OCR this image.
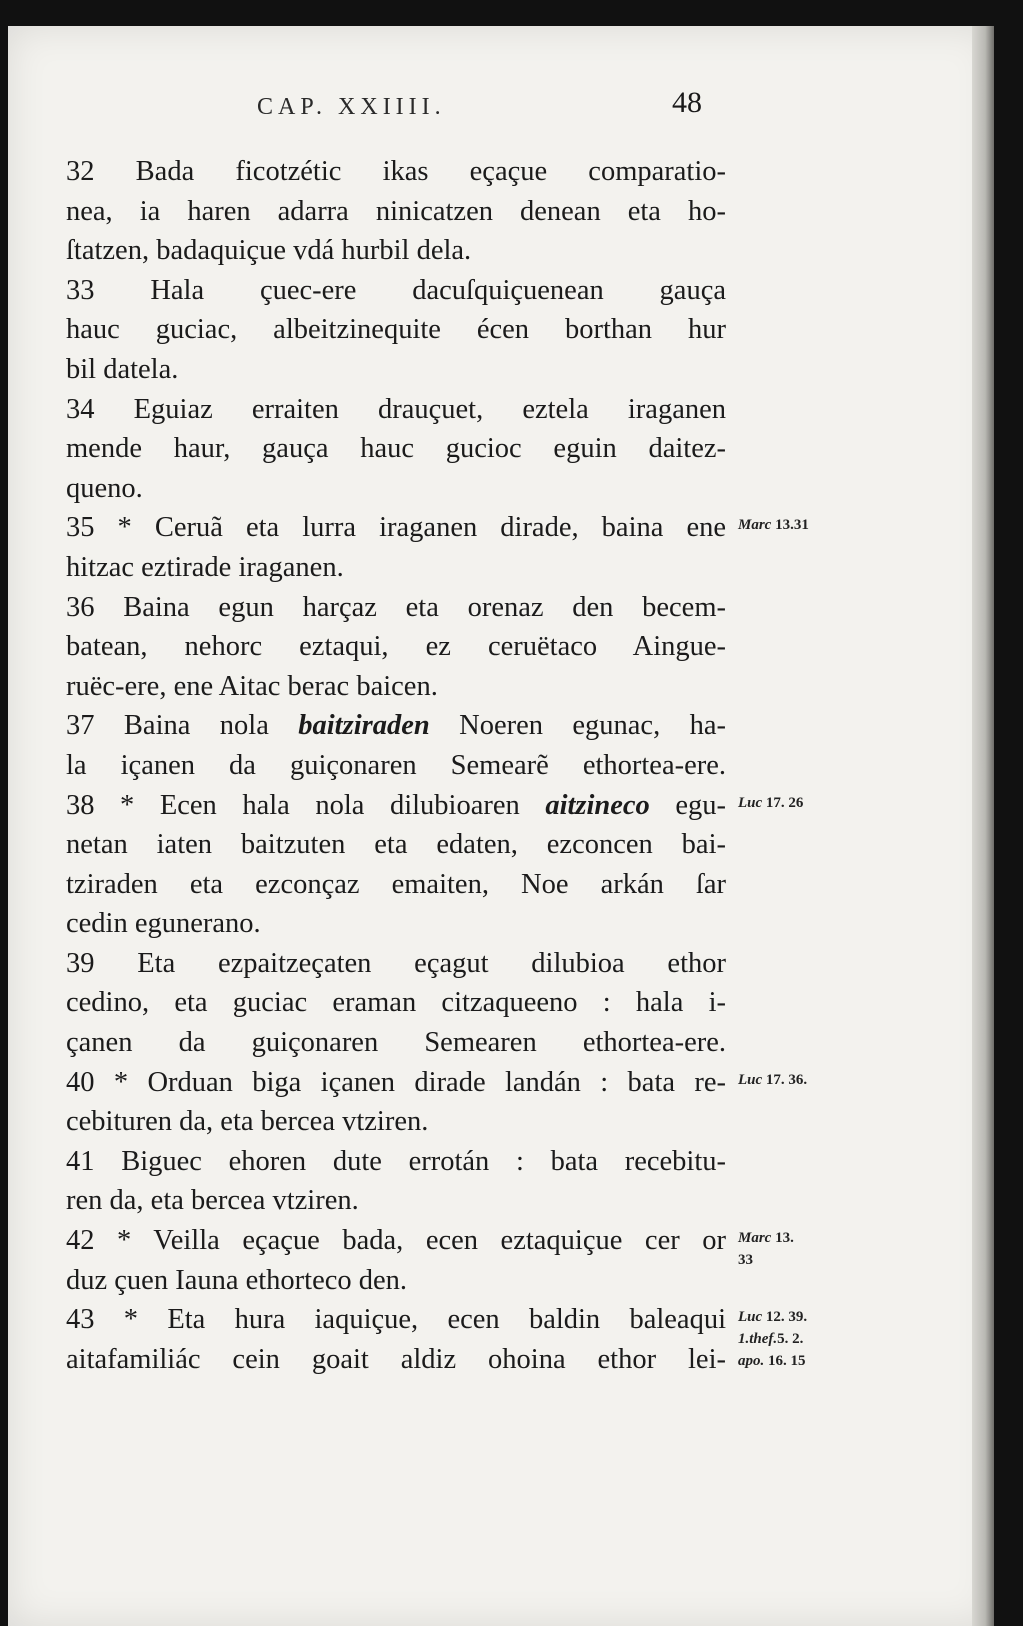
CAP. XXIIII.	48
32 Bada ficotzétic ikas eçaçue comparatio-
nea, ia haren adarra ninicatzen denean eta ho-
ſtatzen, badaquiçue vdá hurbil dela.
33 Hala çuec-ere dacuſquiçuenean gauça
hauc guciac, albeitzinequite écen borthan hur
bil datela.
34 Eguiaz erraiten drauçuet, eztela iraganen
mende haur, gauça hauc gucioc eguin daitez-
queno.
35 * Ceruã eta lurra iraganen dirade, baina ene
hitzac eztirade iraganen.
36 Baina egun harçaz eta orenaz den becem-
batean, nehorc eztaqui, ez ceruëtaco Aingue-
ruëc-ere, ene Aitac berac baicen.
37 Baina nola baitziraden Noeren egunac, ha-
la içanen da guiçonaren Semearẽ ethortea-ere.
38 * Ecen hala nola dilubioaren aitzineco egu-
netan iaten baitzuten eta edaten, ezconcen bai-
tziraden eta ezconçaz emaiten, Noe arkán ſar
cedin egunerano.
39 Eta ezpaitzeçaten eçagut dilubioa ethor
cedino, eta guciac eraman citzaqueeno : hala i-
çanen da guiçonaren Semearen ethortea-ere.
40 * Orduan biga içanen dirade landán : bata re-
cebituren da, eta bercea vtziren.
41 Biguec ehoren dute errotán : bata recebitu-
ren da, eta bercea vtziren.
42 * Veilla eçaçue bada, ecen eztaquiçue cer or
duz çuen Iauna ethorteco den.
43 * Eta hura iaquiçue, ecen baldin baleaqui
aitafamiliác cein goait aldiz ohoina ethor lei-
Marc 13.31
Luc 17. 26
Luc 17. 36.
Marc 13.
33
Luc 12. 39.
1.thef.5. 2.
apo. 16. 15
